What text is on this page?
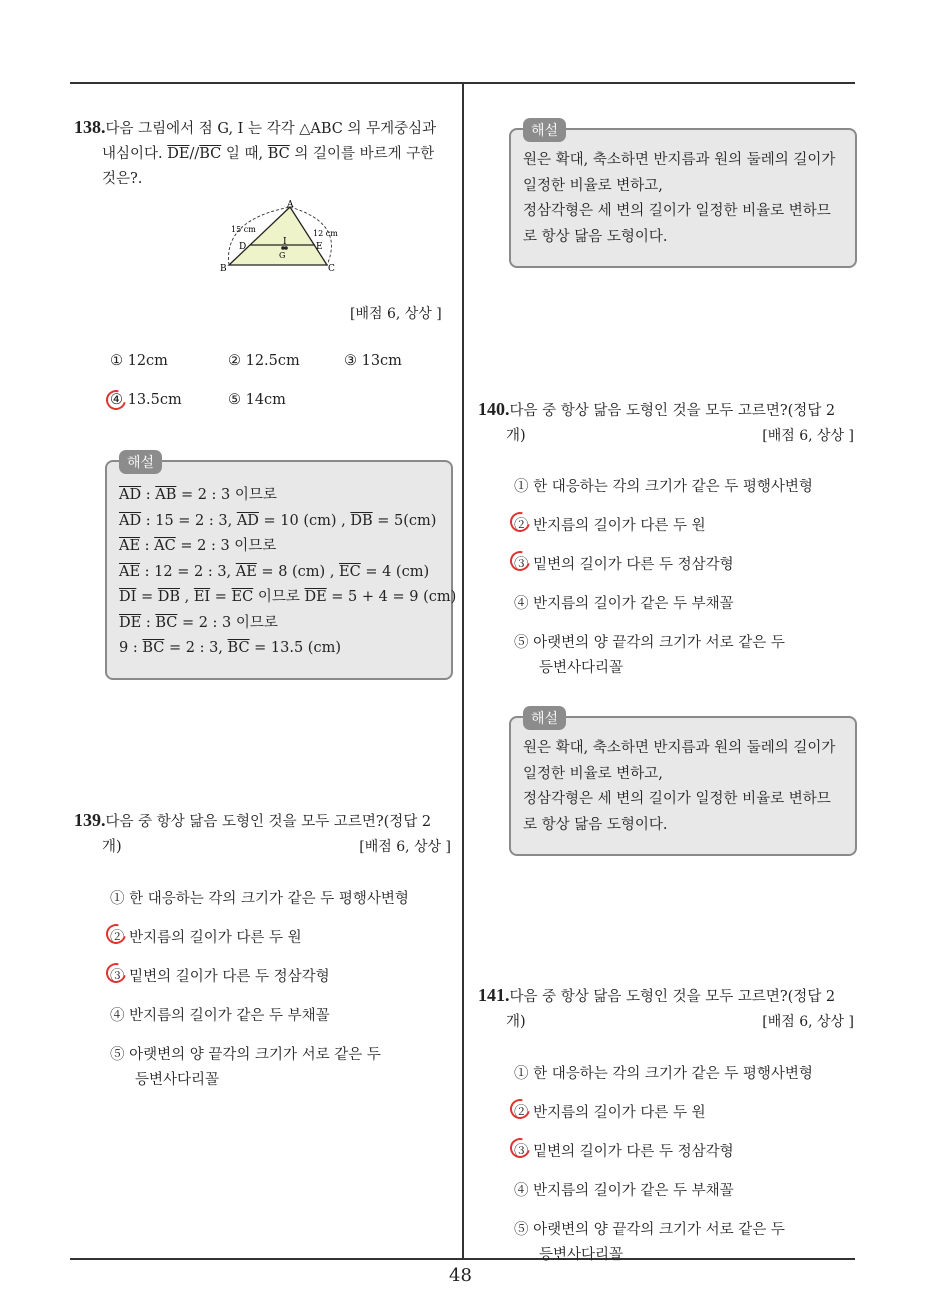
48
138.다음 그림에서 점 G, I 는 각각 △ABC 의 무게중심과
내심이다. $\overline{DE}//\overline{BC}$ 일 때, $\overline{BC}$ 의 길이를 바르게 구한
것은?.
A
B	C
D	E
I
G
15 cm	12 cm
[배점 6, 상상 ]
① 12cm	② 12.5cm	③ 13cm
④ 13.5cm	⑤ 14cm
해설
$\overline{AD}$ : $\overline{AB} = 2$ : 3 이므로
$\overline{AD}$ : 15 = 2 : 3, $\overline{AD} = 10$ (cm) , $\overline{DB} = 5(cm)$
$\overline{AE}$ : $\overline{AC} = 2$ : 3 이므로
$\overline{AE}$ : 12 = 2 : 3, $\overline{AE} = 8$ (cm) , $\overline{EC} = 4$ (cm)
$\overline{DI} = \overline{DB}$ , $\overline{EI} = \overline{EC}$ 이므로 $\overline{DE} = 5 + 4 = 9$ (cm)
$\overline{DE}$ : $\overline{BC} = 2$ : 3 이므로
9 : $\overline{BC} = 2$ : 3, $\overline{BC} = 13.5$ (cm)
139.다음 중 항상 닮음 도형인 것을 모두 고르면?(정답 2
개)	[배점 6, 상상 ]
① 한 대응하는 각의 크기가 같은 두 평행사변형
② 반지름의 길이가 다른 두 원
③ 밑변의 길이가 다른 두 정삼각형
④ 반지름의 길이가 같은 두 부채꼴
⑤ 아랫변의 양 끝각의 크기가 서로 같은 두
등변사다리꼴
해설
원은 확대, 축소하면 반지름과 원의 둘레의 길이가
일정한 비율로 변하고,
정삼각형은 세 변의 길이가 일정한 비율로 변하므
로 항상 닮음 도형이다.
140.다음 중 항상 닮음 도형인 것을 모두 고르면?(정답 2
개)	[배점 6, 상상 ]
① 한 대응하는 각의 크기가 같은 두 평행사변형
② 반지름의 길이가 다른 두 원
③ 밑변의 길이가 다른 두 정삼각형
④ 반지름의 길이가 같은 두 부채꼴
⑤ 아랫변의 양 끝각의 크기가 서로 같은 두
등변사다리꼴
해설
원은 확대, 축소하면 반지름과 원의 둘레의 길이가
일정한 비율로 변하고,
정삼각형은 세 변의 길이가 일정한 비율로 변하므
로 항상 닮음 도형이다.
141.다음 중 항상 닮음 도형인 것을 모두 고르면?(정답 2
개)	[배점 6, 상상 ]
① 한 대응하는 각의 크기가 같은 두 평행사변형
② 반지름의 길이가 다른 두 원
③ 밑변의 길이가 다른 두 정삼각형
④ 반지름의 길이가 같은 두 부채꼴
⑤ 아랫변의 양 끝각의 크기가 서로 같은 두
등변사다리꼴
